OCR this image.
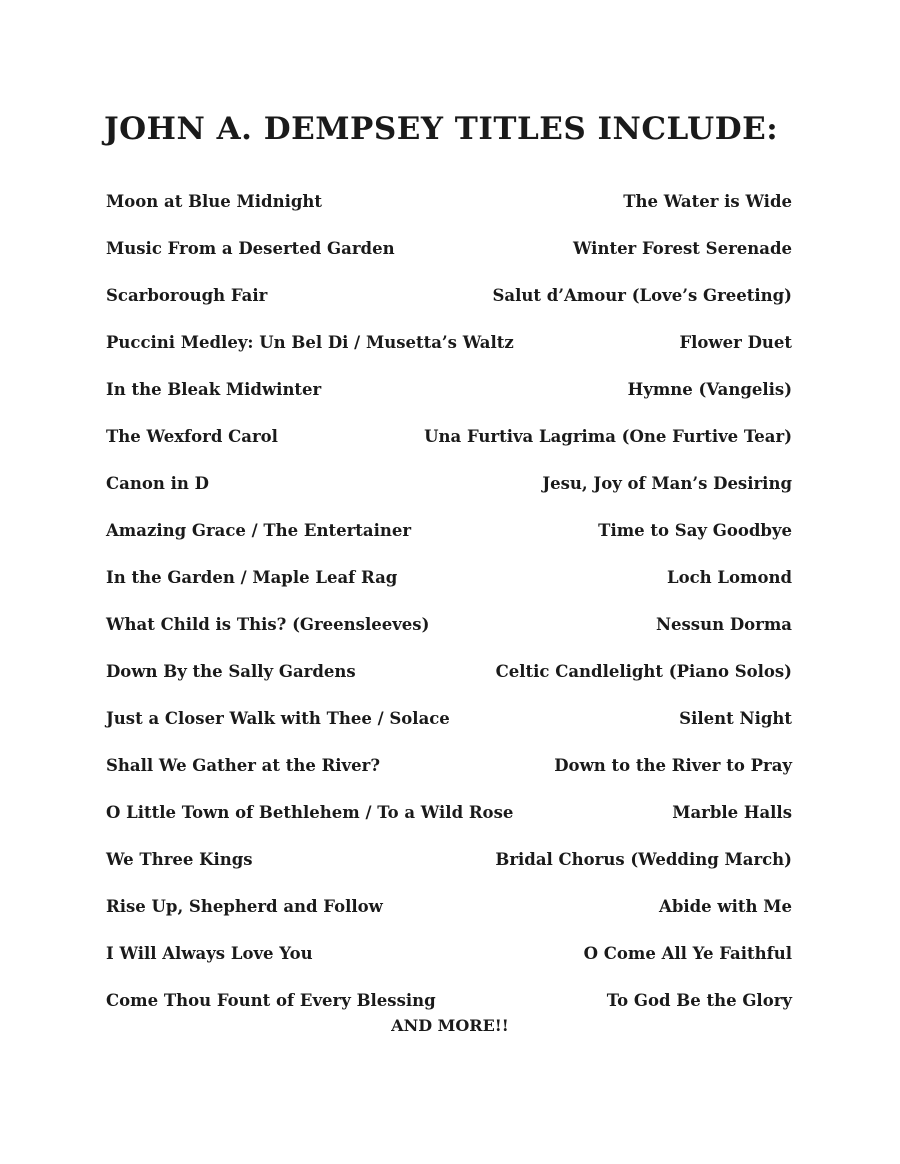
JOHN A. DEMPSEY TITLES INCLUDE:
Moon at Blue Midnight	The Water is Wide
Music From a Deserted Garden	Winter Forest Serenade
Scarborough Fair	Salut d’Amour (Love’s Greeting)
Puccini Medley: Un Bel Di / Musetta’s Waltz	Flower Duet
In the Bleak Midwinter	Hymne (Vangelis)
The Wexford Carol	Una Furtiva Lagrima (One Furtive Tear)
Canon in D	Jesu, Joy of Man’s Desiring
Amazing Grace / The Entertainer	Time to Say Goodbye
In the Garden / Maple Leaf Rag	Loch Lomond
What Child is This? (Greensleeves)	Nessun Dorma
Down By the Sally Gardens	Celtic Candlelight (Piano Solos)
Just a Closer Walk with Thee / Solace	Silent Night
Shall We Gather at the River?	Down to the River to Pray
O Little Town of Bethlehem / To a Wild Rose	Marble Halls
We Three Kings	Bridal Chorus (Wedding March)
Rise Up, Shepherd and Follow	Abide with Me
I Will Always Love You	O Come All Ye Faithful
Come Thou Fount of Every Blessing	To God Be the Glory
AND MORE!!
